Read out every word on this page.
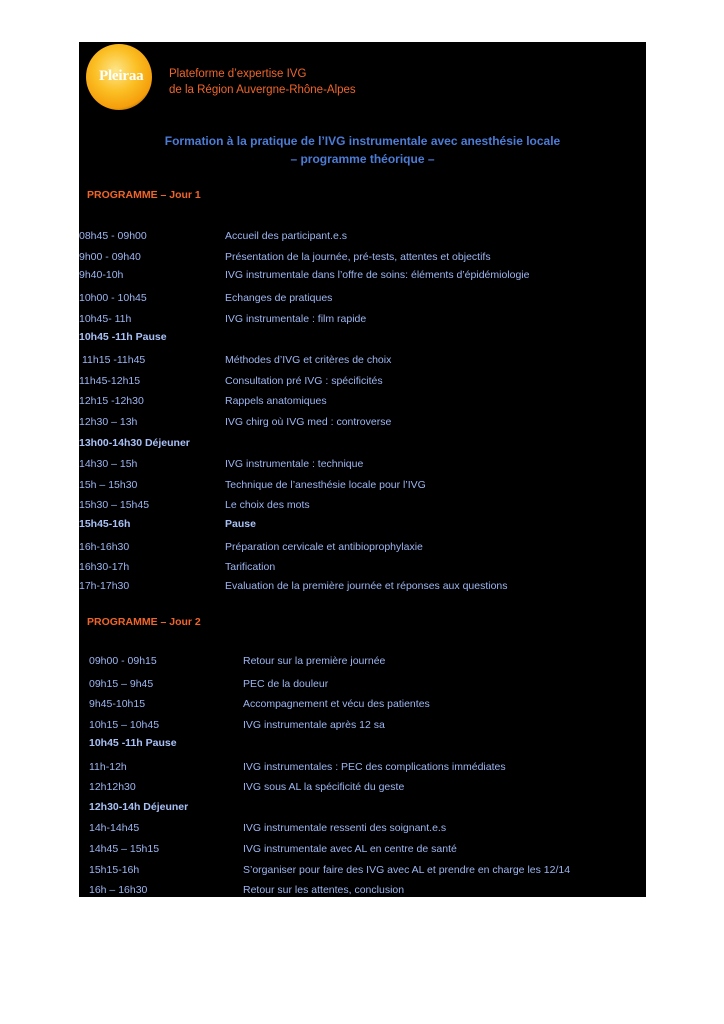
Pleiraa Plateforme d’expertise IVG
de la Région Auvergne-Rhône-Alpes
Formation à la pratique de l’IVG instrumentale avec anesthésie locale
– programme théorique –
PROGRAMME – Jour 1
08h45 - 09h00	Accueil des participant.e.s
9h00 - 09h40	Présentation de la journée, pré-tests, attentes et objectifs
9h40-10h	IVG instrumentale dans l’offre de soins: éléments d’épidémiologie
10h00 - 10h45	Echanges de pratiques
10h45- 11h	IVG instrumentale : film rapide
10h45 -11h Pause
11h15 -11h45	Méthodes d’IVG et critères de choix
11h45-12h15	Consultation pré IVG : spécificités
12h15 -12h30	Rappels anatomiques
12h30 – 13h	IVG chirg où IVG med : controverse
13h00-14h30 Déjeuner
14h30 – 15h	IVG instrumentale : technique
15h – 15h30	Technique de l’anesthésie locale pour l’IVG
15h30 – 15h45	Le choix des mots
15h45-16h	Pause
16h-16h30	Préparation cervicale et antibioprophylaxie
16h30-17h	Tarification
17h-17h30	Evaluation de la première journée et réponses aux questions
PROGRAMME – Jour 2
09h00 - 09h15	Retour sur la première journée
09h15 – 9h45	PEC de la douleur
9h45-10h15	Accompagnement et vécu des patientes
10h15 – 10h45	IVG instrumentale après 12 sa
10h45 -11h Pause
11h-12h	IVG instrumentales : PEC des complications immédiates
12h12h30	IVG sous AL la spécificité du geste
12h30-14h Déjeuner
14h-14h45	IVG instrumentale ressenti des soignant.e.s
14h45 – 15h15	IVG instrumentale avec AL en centre de santé
15h15-16h	S’organiser pour faire des IVG avec AL et prendre en charge les 12/14
16h – 16h30	Retour sur les attentes, conclusion
